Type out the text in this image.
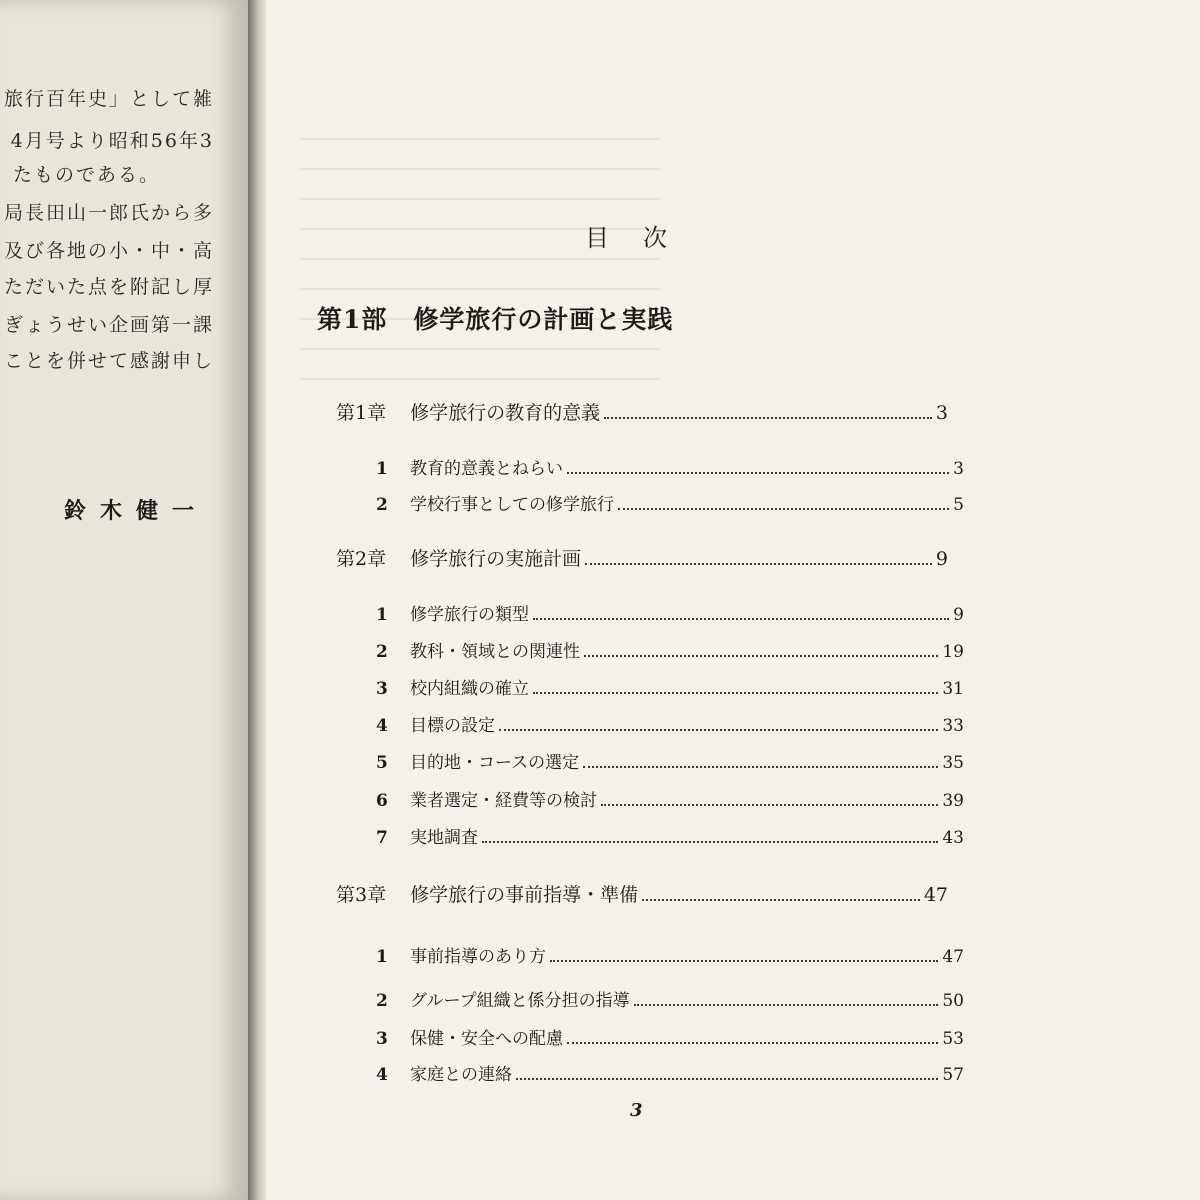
旅行百年史」として雑
4月号より昭和56年3
たものである。
局長田山一郎氏から多
及び各地の小・中・高
ただいた点を附記し厚
ぎょうせい企画第一課
ことを併せて感謝申し
鈴木健一
目次
第1部 修学旅行の計画と実践
第1章 修学旅行の教育的意義	3
1	教育的意義とねらい	3
2	学校行事としての修学旅行	5
第2章 修学旅行の実施計画	9
1	修学旅行の類型	9
2	教科・領域との関連性	19
3	校内組織の確立	31
4	目標の設定	33
5	目的地・コースの選定	35
6	業者選定・経費等の検討	39
7	実地調査	43
第3章 修学旅行の事前指導・準備	47
1	事前指導のあり方	47
2	グループ組織と係分担の指導	50
3	保健・安全への配慮	53
4	家庭との連絡	57
3
